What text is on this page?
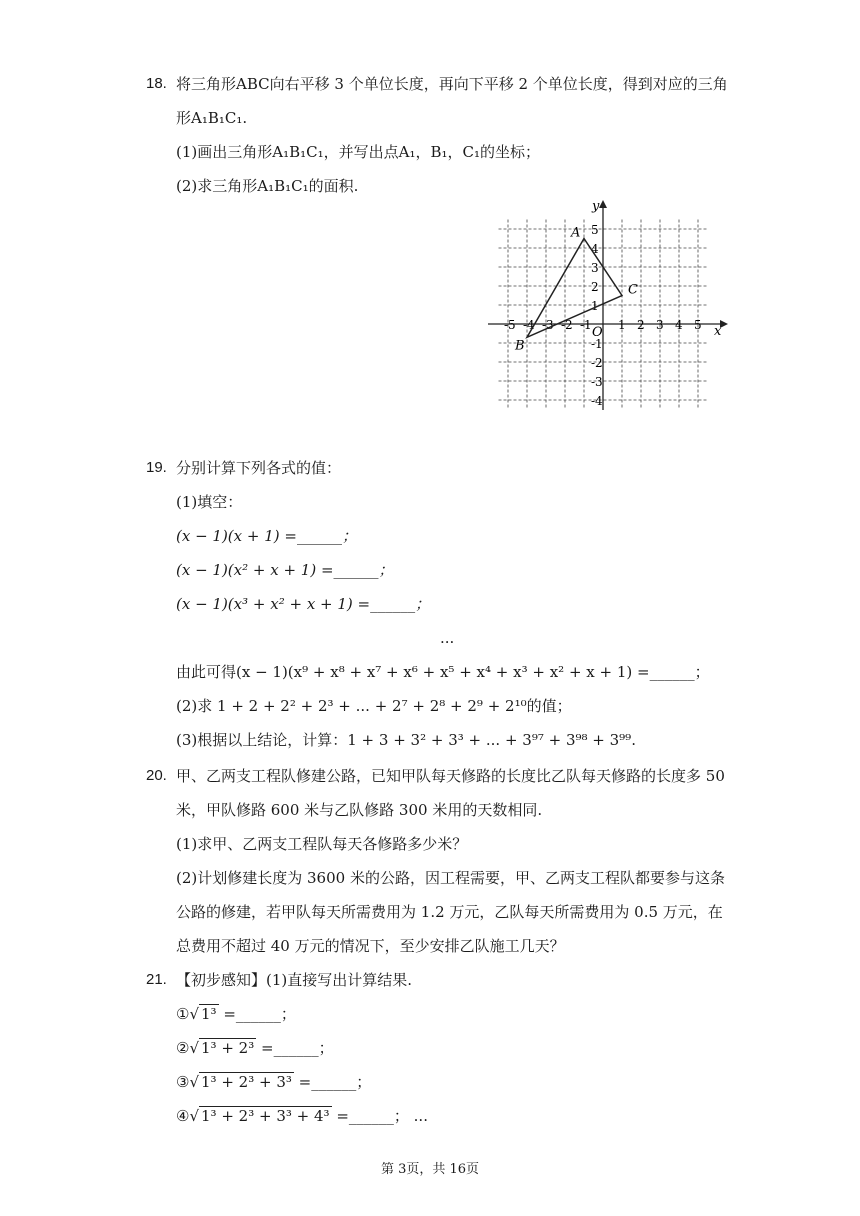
18. 将三角形ABC向右平移 3 个单位长度，再向下平移 2 个单位长度，得到对应的三角
形A₁B₁C₁.
(1)画出三角形A₁B₁C₁，并写出点A₁，B₁，C₁的坐标；
(2)求三角形A₁B₁C₁的面积.
x
y
O
-5 -4 -3 -2 -1 1 2 3 4 5
5
4
3
2
1
-1
-2
-3
-4
A
B
C
19. 分别计算下列各式的值：
(1)填空：
(x − 1)(x + 1) =______；
(x − 1)(x² + x + 1) =______；
(x − 1)(x³ + x² + x + 1) =______；
...
由此可得(x − 1)(x⁹ + x⁸ + x⁷ + x⁶ + x⁵ + x⁴ + x³ + x² + x + 1) =______；
(2)求 1 + 2 + 2² + 2³ + ... + 2⁷ + 2⁸ + 2⁹ + 2¹⁰的值；
(3)根据以上结论，计算：1 + 3 + 3² + 3³ + ... + 3⁹⁷ + 3⁹⁸ + 3⁹⁹.
20. 甲、乙两支工程队修建公路，已知甲队每天修路的长度比乙队每天修路的长度多 50
米，甲队修路 600 米与乙队修路 300 米用的天数相同.
(1)求甲、乙两支工程队每天各修路多少米？
(2)计划修建长度为 3600 米的公路，因工程需要，甲、乙两支工程队都要参与这条
公路的修建，若甲队每天所需费用为 1.2 万元，乙队每天所需费用为 0.5 万元，在
总费用不超过 40 万元的情况下，至少安排乙队施工几天？
21. 【初步感知】(1)直接写出计算结果.
①√ 1³ =______；
②√ 1³ + 2³ =______；
③√ 1³ + 2³ + 3³ =______；
④√ 1³ + 2³ + 3³ + 4³ =______； ...
第 3页，共 16页
